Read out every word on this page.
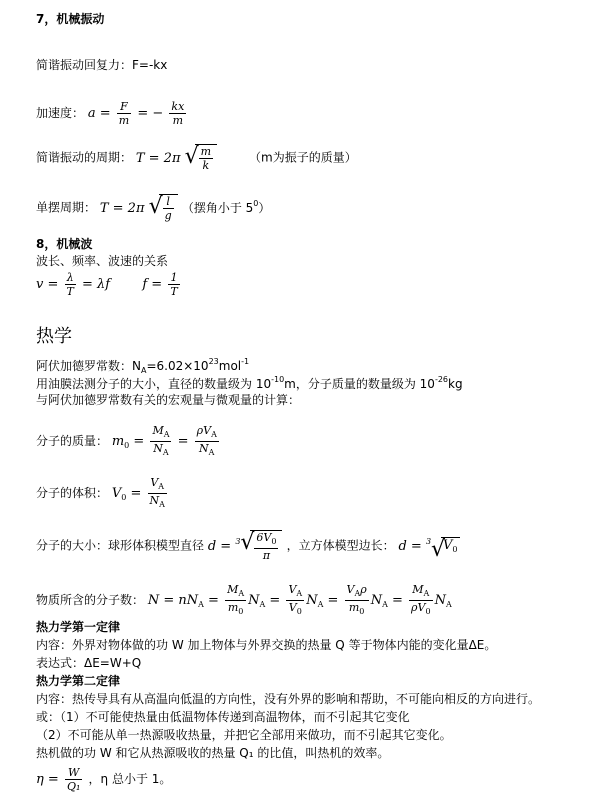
7，机械振动
简谐振动回复力：F=-kx
加速度： $a = \frac{F}{m}$ = − $\frac{kx}{m}$
简谐振动的周期： T = 2π √ $\frac{m}{k}$	（m为振子的质量）
单摆周期： T = 2π √ $\frac{l}{g}$ （摆角小于 $5^0$）
8，机械波
波长、频率、波速的关系
$v = \frac{\lambda}{T} = \lambda f$ $f = \frac{1}{T}$
热学
阿伏加德罗常数：$N_A=6.02\times 10^{23}mol^{-1}$
用油膜法测分子的大小，直径的数量级为 $10^{-10}m$，分子质量的数量级为 $10^{-26}kg$
与阿伏加德罗常数有关的宏观量与微观量的计算：
分子的质量： $m_0 = \frac{M_A}{N_A} = \frac{\rho V_A}{N_A}$
分子的体积： $V_0 = \frac{V_A}{N_A}$
分子的大小：球形体积模型直径 d = $^3$ √ $\frac{6V_0}{\pi}$ ，立方体模型边长： d = $^3$ √ $V_0$
物质所含的分子数： $N = nN_A = \frac{M_A}{m_0} N_A = \frac{V_A}{V_0} N_A = \frac{V_A\rho}{m_0} N_A = \frac{M_A}{\rho V_0} N_A$
热力学第一定律
内容：外界对物体做的功 W 加上物体与外界交换的热量 Q 等于物体内能的变化量ΔE。
表达式：ΔE=W+Q
热力学第二定律
内容：热传导具有从高温向低温的方向性，没有外界的影响和帮助，不可能向相反的方向进行。
或：（1）不可能使热量由低温物体传递到高温物体，而不引起其它变化
（2）不可能从单一热源吸收热量，并把它全部用来做功，而不引起其它变化。
热机做的功 W 和它从热源吸收的热量 Q₁ 的比值，叫热机的效率。
$\eta = \frac{W}{\text{Q₁}}$ ，η 总小于 1。
